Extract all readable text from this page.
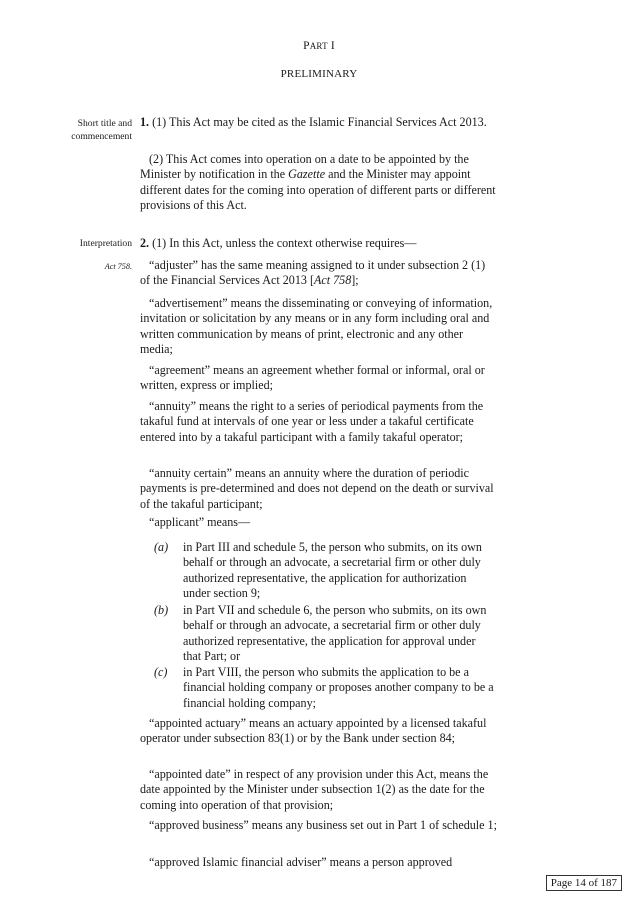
PART I
PRELIMINARY
Short title and commencement
Interpretation
Act 758.
1. (1) This Act may be cited as the Islamic Financial Services Act 2013.
(2) This Act comes into operation on a date to be appointed by the Minister by notification in the Gazette and the Minister may appoint different dates for the coming into operation of different parts or different provisions of this Act.
2. (1) In this Act, unless the context otherwise requires—
“adjuster” has the same meaning assigned to it under subsection 2 (1) of the Financial Services Act 2013 [Act 758];
“advertisement” means the disseminating or conveying of information, invitation or solicitation by any means or in any form including oral and written communication by means of print, electronic and any other media;
“agreement” means an agreement whether formal or informal, oral or written, express or implied;
“annuity” means the right to a series of periodical payments from the takaful fund at intervals of one year or less under a takaful certificate entered into by a takaful participant with a family takaful operator;
“annuity certain” means an annuity where the duration of periodic payments is pre-determined and does not depend on the death or survival of the takaful participant;
“applicant” means—
(a)	in Part III and schedule 5, the person who submits, on its own behalf or through an advocate, a secretarial firm or other duly authorized representative, the application for authorization under section 9;
(b)	in Part VII and schedule 6, the person who submits, on its own behalf or through an advocate, a secretarial firm or other duly authorized representative, the application for approval under that Part; or
(c)	in Part VIII, the person who submits the application to be a financial holding company or proposes another company to be a financial holding company;
“appointed actuary” means an actuary appointed by a licensed takaful operator under subsection 83(1) or by the Bank under section 84;
“appointed date” in respect of any provision under this Act, means the date appointed by the Minister under subsection 1(2) as the date for the coming into operation of that provision;
“approved business” means any business set out in Part 1 of schedule 1;
“approved Islamic financial adviser” means a person approved
Page 14 of 187
